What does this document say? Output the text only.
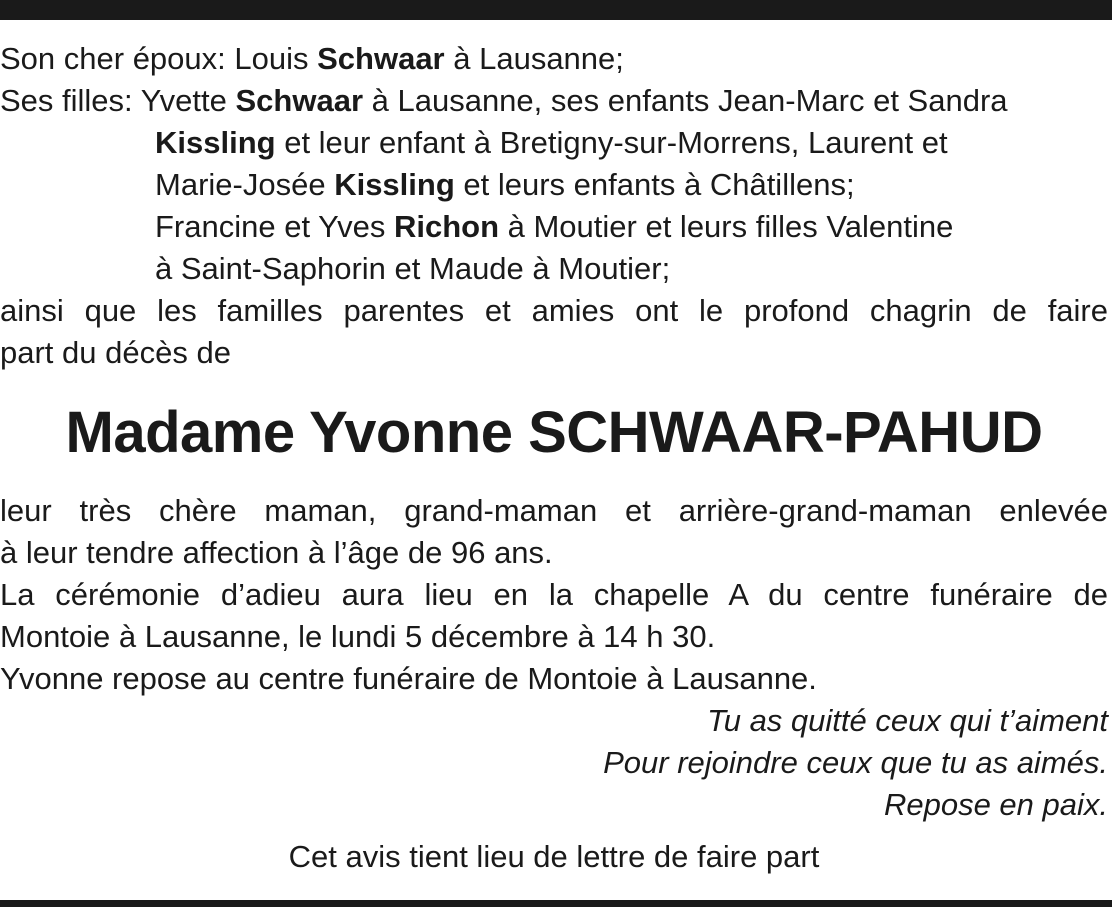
Son cher époux: Louis Schwaar à Lausanne;
Ses filles: Yvette Schwaar à Lausanne, ses enfants Jean-Marc et Sandra
Kissling et leur enfant à Bretigny-sur-Morrens, Laurent et
Marie-Josée Kissling et leurs enfants à Châtillens;
Francine et Yves Richon à Moutier et leurs filles Valentine
à Saint-Saphorin et Maude à Moutier;
ainsi que les familles parentes et amies ont le profond chagrin de faire
part du décès de
Madame Yvonne SCHWAAR-PAHUD
leur très chère maman, grand-maman et arrière-grand-maman enlevée
à leur tendre affection à l’âge de 96 ans.
La cérémonie d’adieu aura lieu en la chapelle A du centre funéraire de
Montoie à Lausanne, le lundi 5 décembre à 14 h 30.
Yvonne repose au centre funéraire de Montoie à Lausanne.
Tu as quitté ceux qui t’aiment
Pour rejoindre ceux que tu as aimés.
Repose en paix.
Cet avis tient lieu de lettre de faire part
